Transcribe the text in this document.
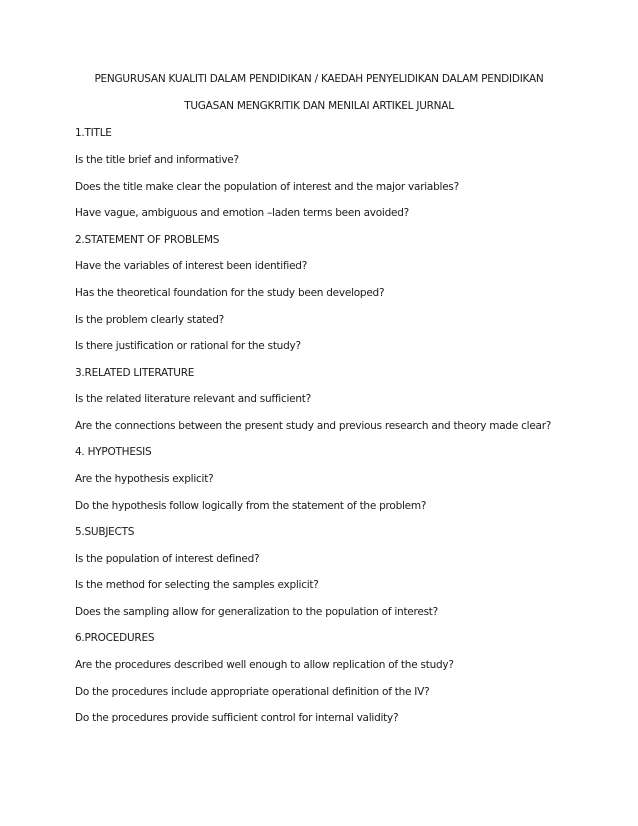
PENGURUSAN KUALITI DALAM PENDIDIKAN / KAEDAH PENYELIDIKAN DALAM PENDIDIKAN
TUGASAN MENGKRITIK DAN MENILAI ARTIKEL JURNAL
1.TITLE
Is the title brief and informative?
Does the title make clear the population of interest and the major variables?
Have vague, ambiguous and emotion –laden terms been avoided?
2.STATEMENT OF PROBLEMS
Have the variables of interest been identified?
Has the theoretical foundation for the study been developed?
Is the problem clearly stated?
Is there justification or rational for the study?
3.RELATED LITERATURE
Is the related literature relevant and sufficient?
Are the connections between the present study and previous research and theory made clear?
4. HYPOTHESIS
Are the hypothesis explicit?
Do the hypothesis follow logically from the statement of the problem?
5.SUBJECTS
Is the population of interest defined?
Is the method for selecting the samples explicit?
Does the sampling allow for generalization to the population of interest?
6.PROCEDURES
Are the procedures described well enough to allow replication of the study?
Do the procedures include appropriate operational definition of the IV?
Do the procedures provide sufficient control for internal validity?
